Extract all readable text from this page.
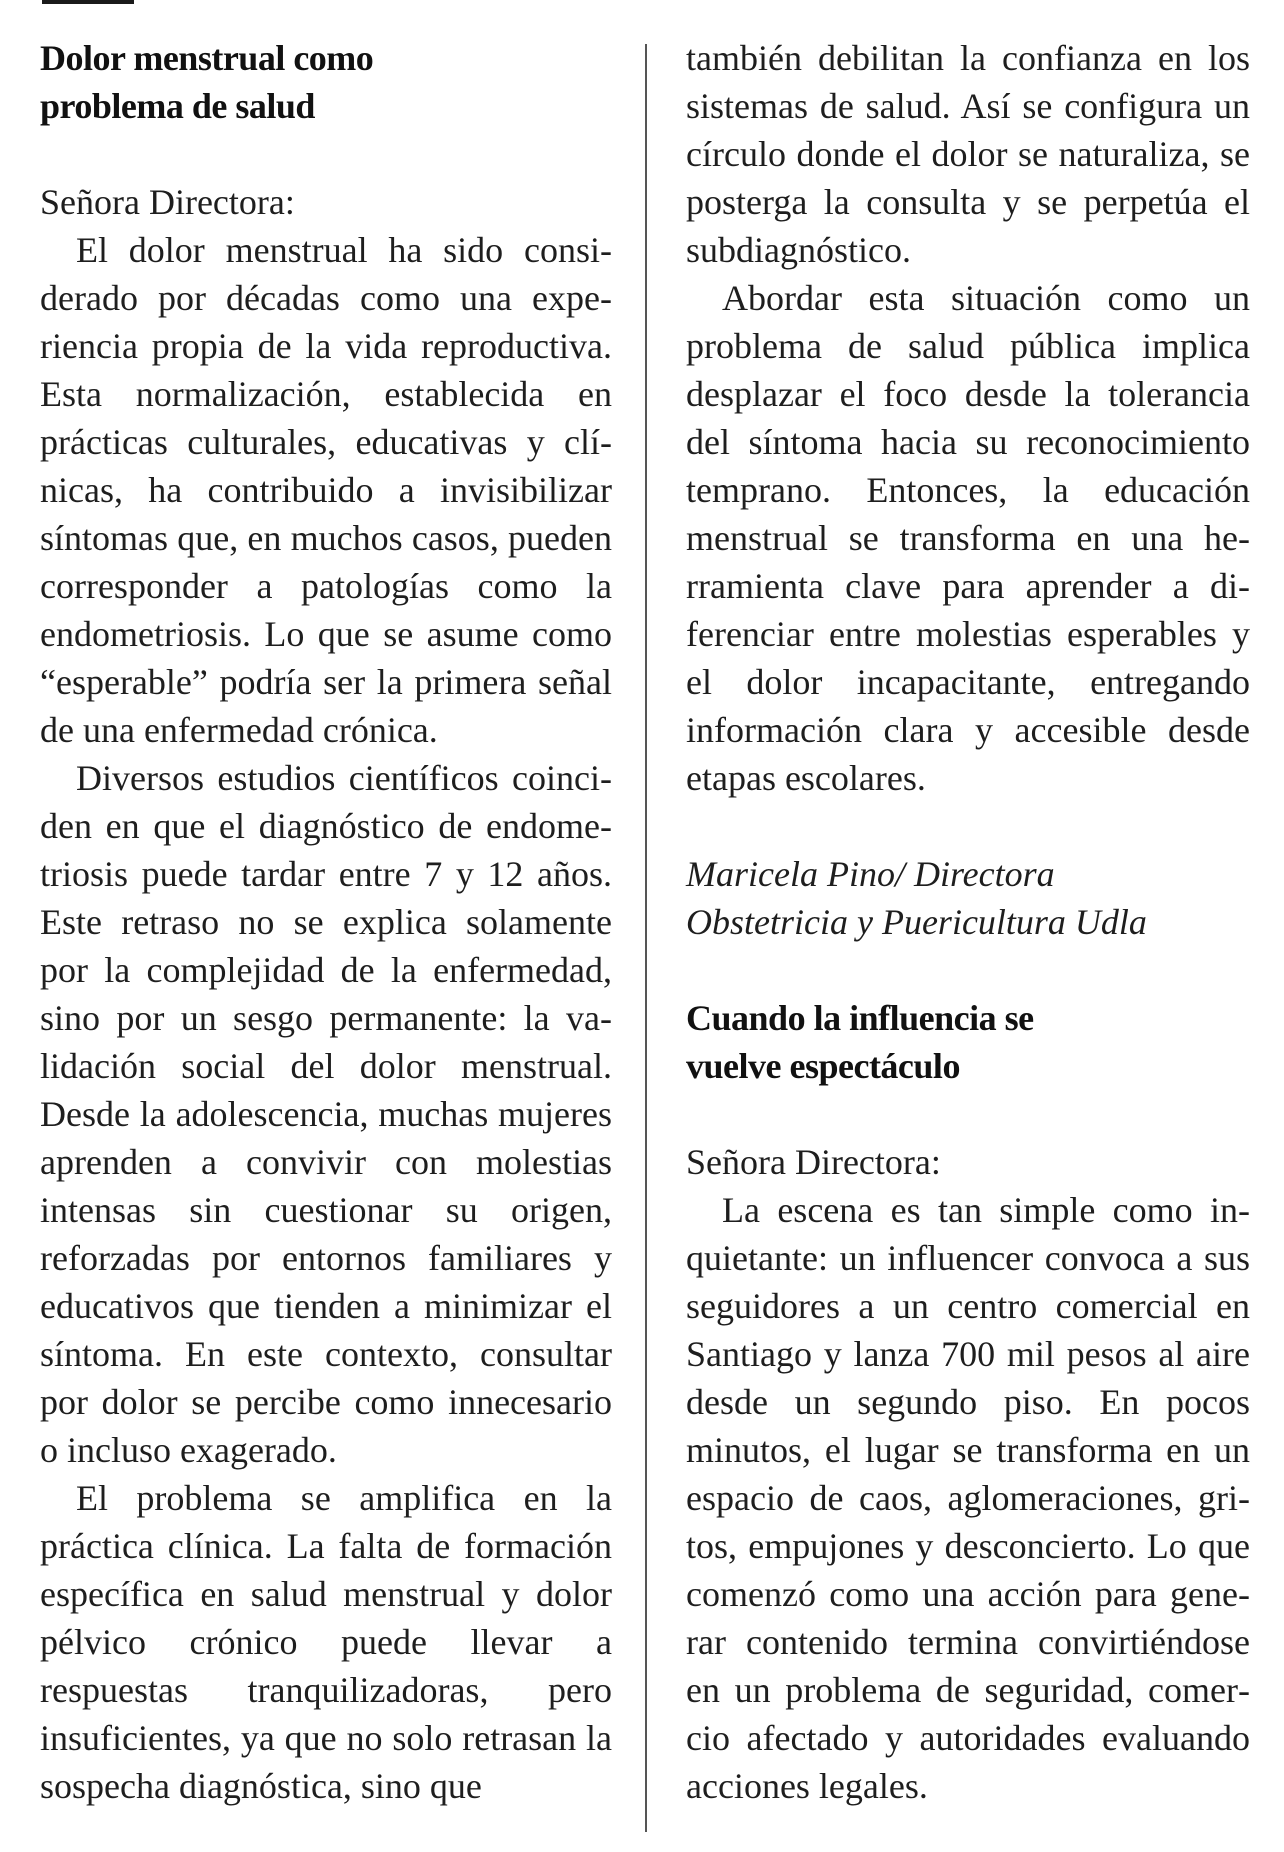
Dolor menstrual como
problema de salud
Señora Directora:

El dolor menstrual ha sido considerado por décadas como una experiencia propia de la vida reproductiva. Esta normalización, establecida en prácticas culturales, educativas y clínicas, ha contribuido a invisibilizar síntomas que, en muchos casos, pueden corresponder a patologías como la endometriosis. Lo que se asume como “esperable” podría ser la primera señal de una enfermedad crónica.

Diversos estudios científicos coinciden en que el diagnóstico de endometriosis puede tardar entre 7 y 12 años. Este retraso no se explica solamente por la complejidad de la enfermedad, sino por un sesgo permanente: la validación social del dolor menstrual. Desde la adolescencia, muchas mujeres aprenden a convivir con molestias intensas sin cuestionar su origen, reforzadas por entornos familiares y educativos que tienden a minimizar el síntoma. En este contexto, consultar por dolor se percibe como innecesario o incluso exagerado.

El problema se amplifica en la práctica clínica. La falta de formación específica en salud menstrual y dolor pélvico crónico puede llevar a respuestas tranquilizadoras, pero insuficientes, ya que no solo retrasan la sospecha diagnóstica, sino que

también debilitan la confianza en los sistemas de salud. Así se configura un círculo donde el dolor se naturaliza, se posterga la consulta y se perpetúa el subdiagnóstico.

Abordar esta situación como un problema de salud pública implica desplazar el foco desde la tolerancia del síntoma hacia su reconocimiento temprano. Entonces, la educación menstrual se transforma en una herramienta clave para aprender a diferenciar entre molestias esperables y el dolor incapacitante, entregando información clara y accesible desde etapas escolares.

Maricela Pino/ Directora
Obstetricia y Puericultura Udla
Cuando la influencia se
vuelve espectáculo
Señora Directora:

La escena es tan simple como inquietante: un influencer convoca a sus seguidores a un centro comercial en Santiago y lanza 700 mil pesos al aire desde un segundo piso. En pocos minutos, el lugar se transforma en un espacio de caos, aglomeraciones, gritos, empujones y desconcierto. Lo que comenzó como una acción para generar contenido termina convirtiéndose en un problema de seguridad, comercio afectado y autoridades evaluando acciones legales.
